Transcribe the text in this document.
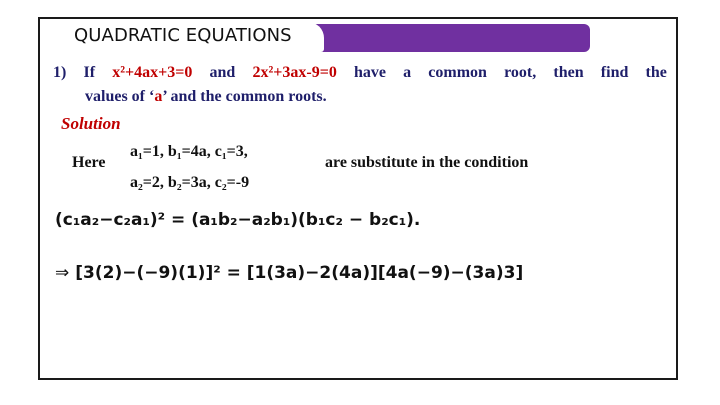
QUADRATIC EQUATIONS
1) If x²+4ax+3=0 and 2x²+3ax-9=0 have a common root, then find the
values of ‘a’ and the common roots.
Solution
Here
a₁=1, b₁=4a, c₁=3,
a₂=2, b₂=3a, c₂=-9
are substitute in the condition
(c₁a₂−c₂a₁)² = (a₁b₂−a₂b₁)(b₁c₂ − b₂c₁).
⇒ [3(2)−(−9)(1)]² = [1(3a)−2(4a)][4a(−9)−(3a)3]
